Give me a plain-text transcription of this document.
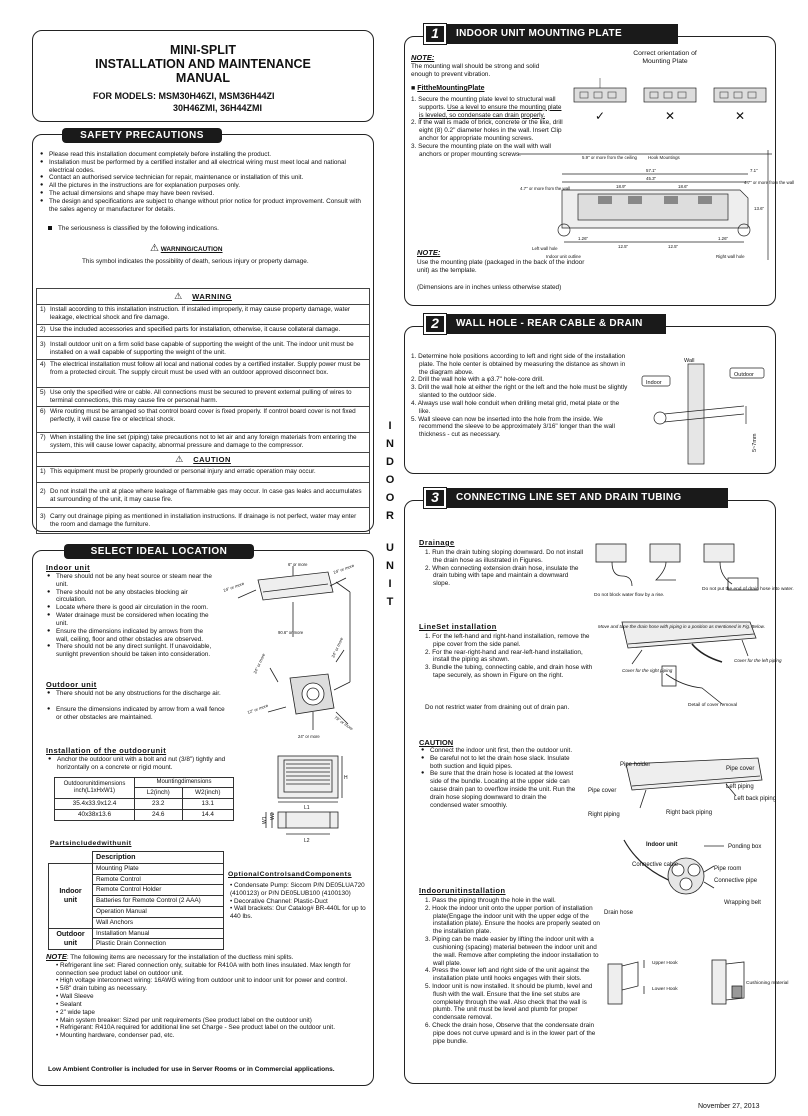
MINI-SPLIT
INSTALLATION AND MAINTENANCE
MANUAL
FOR MODELS: MSM30H46ZI, MSM36H44ZI
30H46ZMI, 36H44ZMI
SAFETY PRECAUTIONS
● Please read this installation document completely before installing the product.
● Installation must be performed by a certified installer and all electrical wiring must meet local and national electrical codes.
● Contact an authorised service technician for repair, maintenance or installation of this unit.
● All the pictures in the instructions are for explanation purposes only.
● The actual dimensions and shape may have been revised.
● The design and specifications are subject to change without prior notice for product improvement. Consult with the sales agency or manufacturer for details.
The seriousness is classified by the following indications.
⚠ WARNING/CAUTION
This symbol indicates the possibility of death, serious injury or property damage.
⚠ WARNING
1) Install according to this installation instruction. If installed improperly, it may cause property damage, water leakage, electrical shock and fire damage.
2) Use the included accessories and specified parts for installation, otherwise, it cause collateral damage.
3) Install outdoor unit on a firm solid base capable of supporting the weight of the unit. The indoor unit must be installed on a wall capable of supporting the weight of the unit.
4) The electrical installation must follow all local and national codes by a certified installer. Supply power must be from a protected circuit. The supply circuit must be used with an outdoor approved disconnect box.
5) Use only the specified wire or cable. All connections must be secured to prevent external pulling of wires to terminal connections, this may cause fire or personal harm.
6) Wire routing must be arranged so that control board cover is fixed properly. If control board cover is not fixed perfectly, it will cause fire or electrical shock.
7) When installing the line set (piping) take precautions not to let air and any foreign materials from entering the system, this will cause lower capacity, abnormal pressure and damage to the compressor.
⚠ CAUTION
1) This equipment must be properly grounded or personal injury and erratic operation may occur.
2) Do not install the unit at place where leakage of flammable gas may occur. In case gas leaks and accumulates at surrounding of the unit, it may cause fire.
3) Carry out drainage piping as mentioned in installation instructions. If drainage is not perfect, water may enter the room and damage the furniture.
I
N
D
O
O
R
U
N
I
T
SELECT IDEAL LOCATION
Indoor unit
● There should not be any heat source or steam near the unit.
● There should not be any obstacles blocking air circulation.
● Locate where there is good air circulation in the room.
● Water drainage must be considered when locating the unit.
● Ensure the dimensions indicated by arrows from the wall, ceiling, floor and other obstacles are observed.
● There should not be any direct sunlight. If unavoidable, sunlight prevention should be taken into consideration.
Outdoor unit
● There should not be any obstructions for the discharge air.
● Ensure the dimensions indicated by arrow from a wall fence or other obstacles are maintained.
6" or more
24" or more
90.6" or more
24" or more
24" or more
24" or more
12" or more
79" or more
24" or more
Installation of the outdoorunit
● Anchor the outdoor unit with a bolt and nut (3/8") tightly and horizontally on a concrete or rigid mount.
Outdoorunitdimensions inch(L1xHxW1)	Mountingdimensions	
	L2(inch)	W2(inch)
35.4x33.9x12.4	23.2	13.1
40x38x13.6	24.6	14.4
H
L1
W1
W2
L2
Partsincludedwithunit
	Description
Indoor unit	Mounting Plate
	Remote Control
	Remote Control Holder
	Batteries for Remote Control (2 AAA)
	Operation Manual
	Wall Anchors
Outdoor unit	Installation Manual
	Plastic Drain Connection
OptionalControlsandComponents
• Condensate Pump: Siccom P/N DE05LUA720 (4100123) or P/N DE05LUB100 (4100130)
• Decorative Channel: Plastic-Duct
• Wall brackets: Our Catalog# BR-440L for up to 440 lbs.
NOTE: The following items are necessary for the installation of the ductless mini splits.
• Refrigerant line set: Flared connection only, suitable for R410A with both lines insulated. Max length for connection see product label on outdoor unit.
• High voltage interconnect wiring: 16AWG wiring from outdoor unit to indoor unit for power and control.
• 5/8" drain tubing as necessary.
• Wall Sleeve
• Sealant
• 2" wide tape
• Main system breaker: Sized per unit requirements (See product label on the outdoor unit)
• Refrigerant: R410A required for additional line set Charge - See product label on the outdoor unit.
• Mounting hardware, condenser pad, etc.
Low Ambient Controller is included for use in Server Rooms or in Commercial applications.
1	INDOOR UNIT MOUNTING PLATE
NOTE:
The mounting wall should be strong and solid enough to prevent vibration.
Correct orientation of Mounting Plate
✓	✕	✕
■ FittheMountingPlate
1. Secure the mounting plate level to structural wall supports. Use a level to ensure the mounting plate is leveled, so condensate can drain properly.
2. If the wall is made of brick, concrete or the like, drill eight (8) 0.2" diameter holes in the wall. Insert Clip anchor for appropriate mounting screws.
3. Secure the mounting plate on the wall with wall anchors or proper mounting screws.	5.9" or more from the ceiling Hook Mountings
57.1"
45.3"
18.9"	18.6"
7.1"
4.7" or more from the wall
4.7" or more from the wall
13.6"
1.26"
12.5"	12.5"
1.26"
Left wall hole
Indoor unit outline	Right wall hole
NOTE:
Use the mounting plate (packaged in the back of the indoor unit) as the template.
(Dimensions are in inches unless otherwise stated)
2	WALL HOLE - REAR CABLE & DRAIN
1. Determine hole positions according to left and right side of the installation plate. The hole center is obtained by measuring the distance as shown in the diagram above.
2. Drill the wall hole with a φ3.7" hole-core drill.
3. Drill the wall hole at either the right or the left and the hole must be slightly slanted to the outdoor side.
4. Always use wall hole conduit when drilling metal grid, metal plate or the like.
5. Wall sleeve can now be inserted into the hole from the inside. We recommend the sleeve to be approximately 3/16" longer than the wall thickness - cut as necessary.
Wall
Indoor
Outdoor
5~7mm
3	CONNECTING LINE SET AND DRAIN TUBING
Drainage
1. Run the drain tubing sloping downward. Do not install the drain hose as illustrated in Figures.
2. When connecting extension drain hose, insulate the drain tubing with tape and maintain a downward slope.
Do not block water flow by a rise.
Do not put the end of drain hose into water.
LineSet installation
1. For the left-hand and right-hand installation, remove the pipe cover from the side panel.
2. For the rear-right-hand and rear-left-hand installation, install the piping as shown.
3. Bundle the tubing, connecting cable, and drain hose with tape securely, as shown in Figure on the right.
Do not restrict water from draining out of drain pan.
Move and tape the drain hose with piping in a position as mentioned in Fig. Below.
Cover for the right piping
Cover for the left piping
Detail of cover removal
CAUTION
● Connect the indoor unit first, then the outdoor unit.
● Be careful not to let the drain hose slack. Insulate both suction and liquid pipes.
● Be sure that the drain hose is located at the lowest side of the bundle. Locating at the upper side can cause drain pan to overflow inside the unit. Run the drain hose sloping downward to drain the condensed water smoothly.
Pipe holder
Pipe cover
Left piping
Left back piping
Pipe cover
Right piping	Right back piping
Indoor unit	Ponding box
Connective cable
Pipe room
Connective pipe
Wrapping belt
Drain hose
Indoorunitinstallation
1. Pass the piping through the hole in the wall.
2. Hook the indoor unit onto the upper portion of installation plate(Engage the indoor unit with the upper edge of the installation plate). Ensure the hooks are properly seated on the installation plate.
3. Piping can be made easier by lifting the indoor unit with a cushioning (spacing) material between the indoor unit and the wall. Remove after completing the indoor installation to wall plate.
4. Press the lower left and right side of the unit against the installation plate until hooks engages with their slots.
5. Indoor unit is now installed. It should be plumb, level and flush with the wall. Ensure that the line set stubs are completely through the wall. Also check that the wall is plumb. The unit must be level and plumb for proper condensate removal.
6. Check the drain hose, Observe that the condensate drain pipe does not curve upward and is in the lower part of the pipe bundle.
Upper Hook
Lower Hook
Cushioning material
November 27, 2013
